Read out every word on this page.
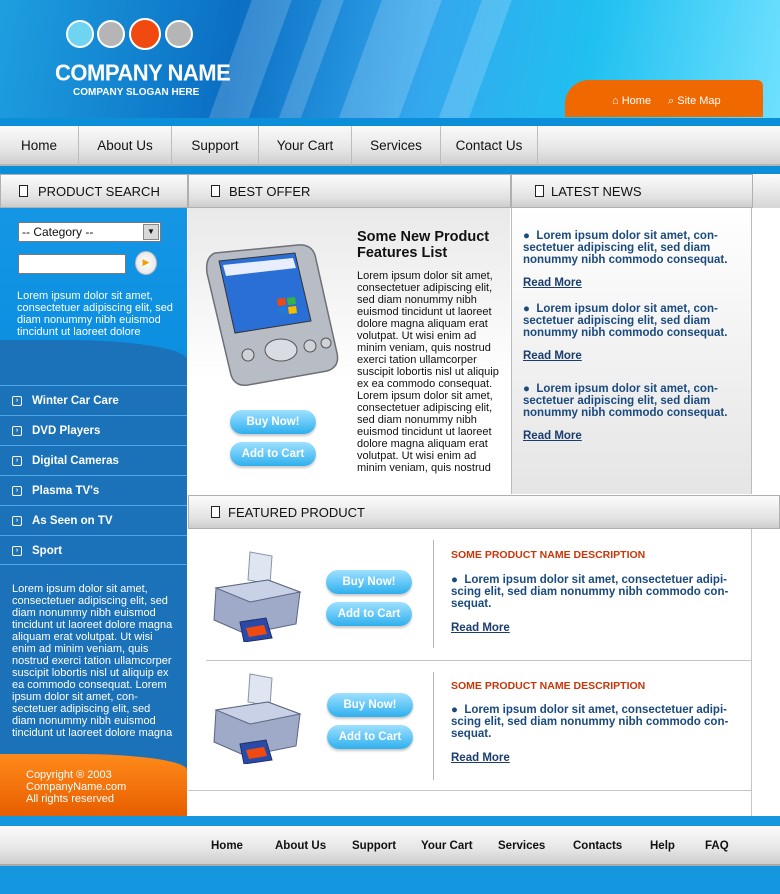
COMPANY NAME
COMPANY SLOGAN HERE
⌂ Home ⌕ Site Map
Home	About Us	Support	Your Cart	Services	Contact Us
PRODUCT SEARCH
-- Category --	▼
▶
Lorem ipsum dolor sit amet, consectetuer adipiscing elit, sed diam nonummy nibh euismod tincidunt ut laoreet dolore
›	Winter Car Care
›	DVD Players
›	Digital Cameras
›	Plasma TV's
›	As Seen on TV
›	Sport
Lorem ipsum dolor sit amet, consectetuer adipiscing elit, sed diam nonummy nibh euismod tincidunt ut laoreet dolore magna aliquam erat volutpat. Ut wisi enim ad minim veniam, quis nostrud exerci tation ullamcorper suscipit lobortis nisl ut aliquip ex ea commodo consequat. Lorem ipsum dolor sit amet, con-sectetuer adipiscing elit, sed diam nonummy nibh euismod tincidunt ut laoreet dolore magna
Copyright ® 2003
CompanyName.com
All rights reserved
BEST OFFER
Some New Product Features List
Lorem ipsum dolor sit amet, consectetuer adipiscing elit, sed diam nonummy nibh euismod tincidunt ut laoreet dolore magna aliquam erat volutpat. Ut wisi enim ad minim veniam, quis nostrud exerci tation ullamcorper suscipit lobortis nisl ut aliquip ex ea commodo consequat. Lorem ipsum dolor sit amet, consectetuer adipiscing elit, sed diam nonummy nibh euismod tincidunt ut laoreet dolore magna aliquam erat volutpat. Ut wisi enim ad minim veniam, quis nostrud
Buy Now!
Add to Cart
LATEST NEWS
●  Lorem ipsum dolor sit amet, con-sectetuer adipiscing elit, sed diam nonummy nibh commodo consequat.
Read More
●  Lorem ipsum dolor sit amet, con-sectetuer adipiscing elit, sed diam nonummy nibh commodo consequat.
Read More
●  Lorem ipsum dolor sit amet, con-sectetuer adipiscing elit, sed diam nonummy nibh commodo consequat.
Read More
FEATURED PRODUCT
Buy Now!
Add to Cart
SOME PRODUCT NAME DESCRIPTION
●  Lorem ipsum dolor sit amet, consectetuer adipi-scing elit, sed diam nonummy nibh commodo con-sequat.
Read More
Buy Now!
Add to Cart
SOME PRODUCT NAME DESCRIPTION
●  Lorem ipsum dolor sit amet, consectetuer adipi-scing elit, sed diam nonummy nibh commodo con-sequat.
Read More
Home	About Us Support Your Cart Services Contacts Help	FAQ
